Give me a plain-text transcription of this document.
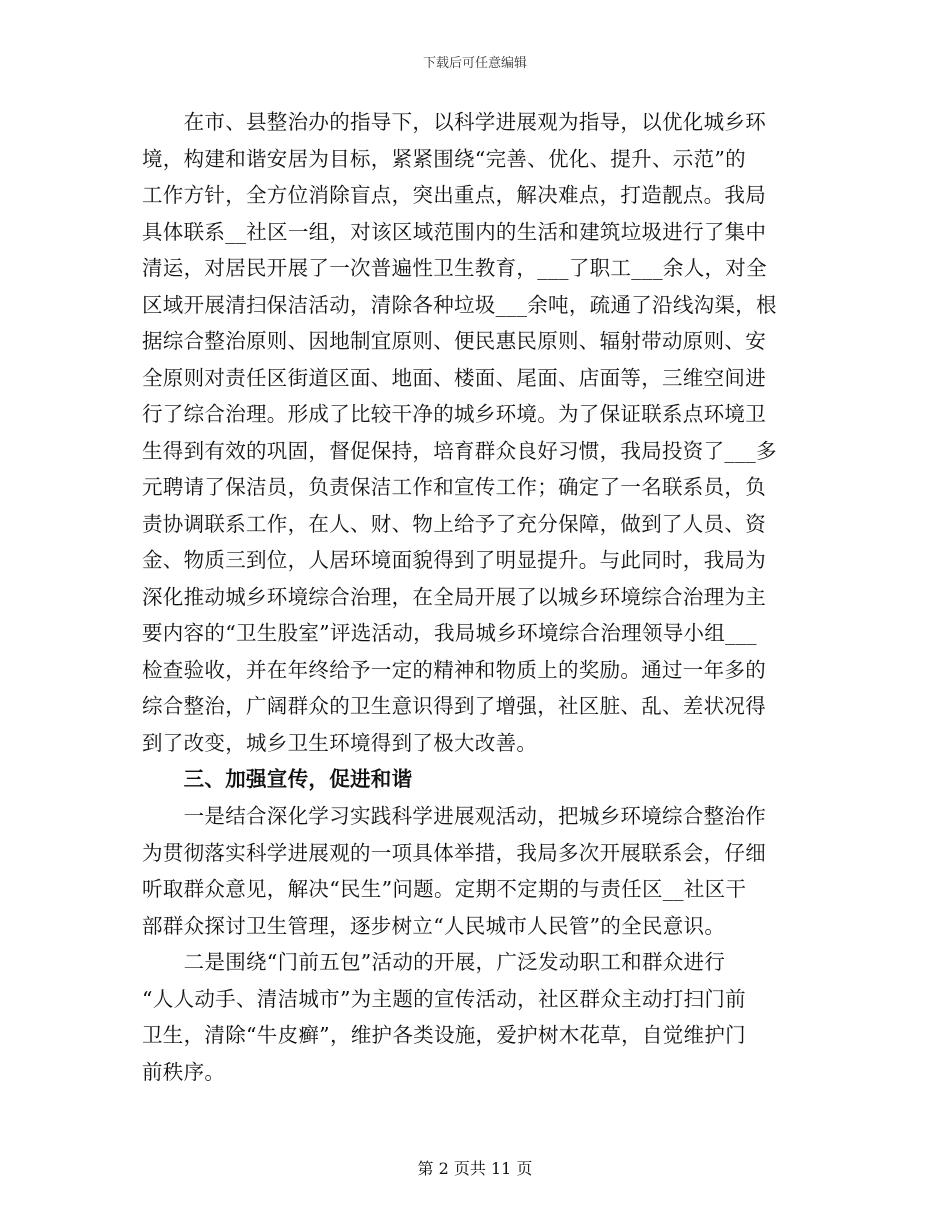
下载后可任意编辑
　　在市、县整治办的指导下，以科学进展观为指导，以优化城乡环
境，构建和谐安居为目标，紧紧围绕“完善、优化、提升、示范”的
工作方针，全方位消除盲点，突出重点，解决难点，打造靓点。我局
具体联系__社区一组，对该区域范围内的生活和建筑垃圾进行了集中
清运，对居民开展了一次普遍性卫生教育，___了职工___余人，对全
区域开展清扫保洁活动，清除各种垃圾___余吨，疏通了沿线沟渠，根
据综合整治原则、因地制宜原则、便民惠民原则、辐射带动原则、安
全原则对责任区街道区面、地面、楼面、尾面、店面等，三维空间进
行了综合治理。形成了比较干净的城乡环境。为了保证联系点环境卫
生得到有效的巩固，督促保持，培育群众良好习惯，我局投资了___多
元聘请了保洁员，负责保洁工作和宣传工作；确定了一名联系员，负
责协调联系工作，在人、财、物上给予了充分保障，做到了人员、资
金、物质三到位，人居环境面貌得到了明显提升。与此同时，我局为
深化推动城乡环境综合治理，在全局开展了以城乡环境综合治理为主
要内容的“卫生股室”评选活动，我局城乡环境综合治理领导小组___
检查验收，并在年终给予一定的精神和物质上的奖励。通过一年多的
综合整治，广阔群众的卫生意识得到了增强，社区脏、乱、差状况得
到了改变，城乡卫生环境得到了极大改善。
　　三、加强宣传，促进和谐
　　一是结合深化学习实践科学进展观活动，把城乡环境综合整治作
为贯彻落实科学进展观的一项具体举措，我局多次开展联系会，仔细
听取群众意见，解决“民生”问题。定期不定期的与责任区__社区干
部群众探讨卫生管理，逐步树立“人民城市人民管”的全民意识。
　　二是围绕“门前五包”活动的开展，广泛发动职工和群众进行
“人人动手、清洁城市”为主题的宣传活动，社区群众主动打扫门前
卫生，清除“牛皮癣”，维护各类设施，爱护树木花草，自觉维护门
前秩序。
第 2 页共 11 页
